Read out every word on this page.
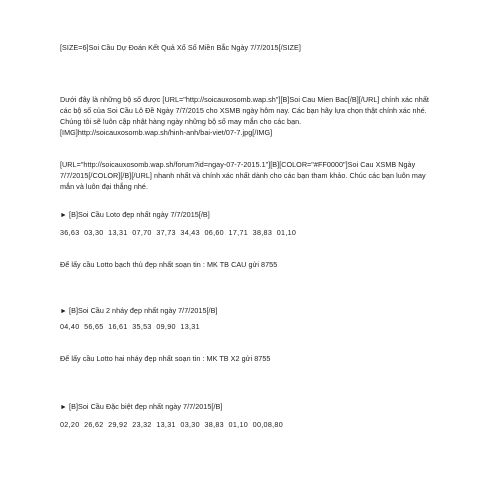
[SIZE=6]Soi Cầu Dự Đoán Kết Quả Xổ Số Miền Bắc Ngày 7/7/2015[/SIZE]
Dưới đây là những bộ số được [URL="http://soicauxosomb.wap.sh"][B]Soi Cau Mien Bac[/B][/URL] chính xác nhất các bộ số của Soi Cầu Lô Đề Ngày 7/7/2015 cho XSMB ngày hôm nay. Các bạn hãy lựa chọn thật chính xác nhé. Chúng tôi sẽ luôn cập nhật hàng ngày những bộ số may mắn cho các bạn.
[IMG]http://soicauxosomb.wap.sh/hinh-anh/bai-viet/07-7.jpg[/IMG]
[URL="http://soicauxosomb.wap.sh/forum?id=ngay-07-7-2015.1"][B][COLOR="#FF0000"]Soi Cau XSMB Ngày 7/7/2015[/COLOR][/B][/URL] nhanh nhất và chính xác nhất dành cho các bạn tham khảo. Chúc các bạn luôn may mắn và luôn đại thắng nhé.
► [B]Soi Cầu Loto đẹp nhất ngày 7/7/2015[/B]
36,63  03,30  13,31  07,70  37,73  34,43  06,60  17,71  38,83  01,10
Để lấy cầu Lotto bạch thủ đẹp nhất soạn tin : MK TB CAU gửi 8755
► [B]Soi Cầu 2 nháy đẹp nhất ngày 7/7/2015[/B]
04,40  56,65  16,61  35,53  09,90  13,31
Để lấy cầu Lotto hai nháy đẹp nhất soạn tin : MK TB X2 gửi 8755
► [B]Soi Cầu Đặc biệt đẹp nhất ngày 7/7/2015[/B]
02,20  26,62  29,92  23,32  13,31  03,30  38,83  01,10  00,08,80
